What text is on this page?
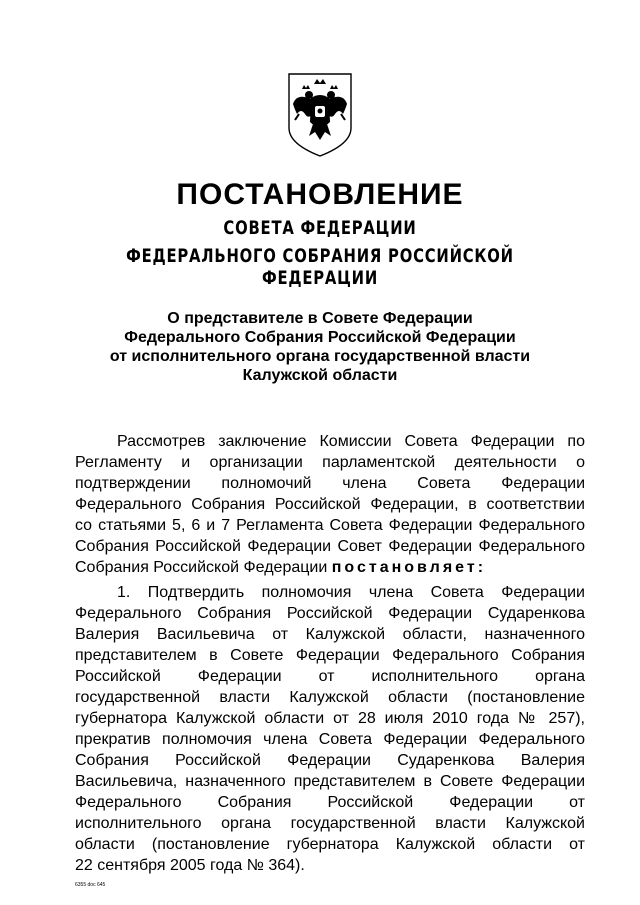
ПОСТАНОВЛЕНИЕ
СОВЕТА ФЕДЕРАЦИИ
ФЕДЕРАЛЬНОГО СОБРАНИЯ РОССИЙСКОЙ ФЕДЕРАЦИИ
О представителе в Совете Федерации
Федерального Собрания Российской Федерации
от исполнительного органа государственной власти
Калужской области
Рассмотрев заключение Комиссии Совета Федерации по
Регламенту и организации парламентской деятельности о
подтверждении полномочий члена Совета Федерации
Федерального Собрания Российской Федерации, в соответствии
со статьями 5, 6 и 7 Регламента Совета Федерации Федерального
Собрания Российской Федерации Совет Федерации Федерального
Собрания Российской Федерации постановляет:
1. Подтвердить полномочия члена Совета Федерации
Федерального Собрания Российской Федерации Сударенкова
Валерия Васильевича от Калужской области, назначенного
представителем в Совете Федерации Федерального Собрания
Российской Федерации от исполнительного органа
государственной власти Калужской области (постановление
губернатора Калужской области от 28 июля 2010 года № 257),
прекратив полномочия члена Совета Федерации Федерального
Собрания Российской Федерации Сударенкова Валерия
Васильевича, назначенного представителем в Совете Федерации
Федерального Собрания Российской Федерации от
исполнительного органа государственной власти Калужской
области (постановление губернатора Калужской области от
22 сентября 2005 года № 364).
6355 doc 645
